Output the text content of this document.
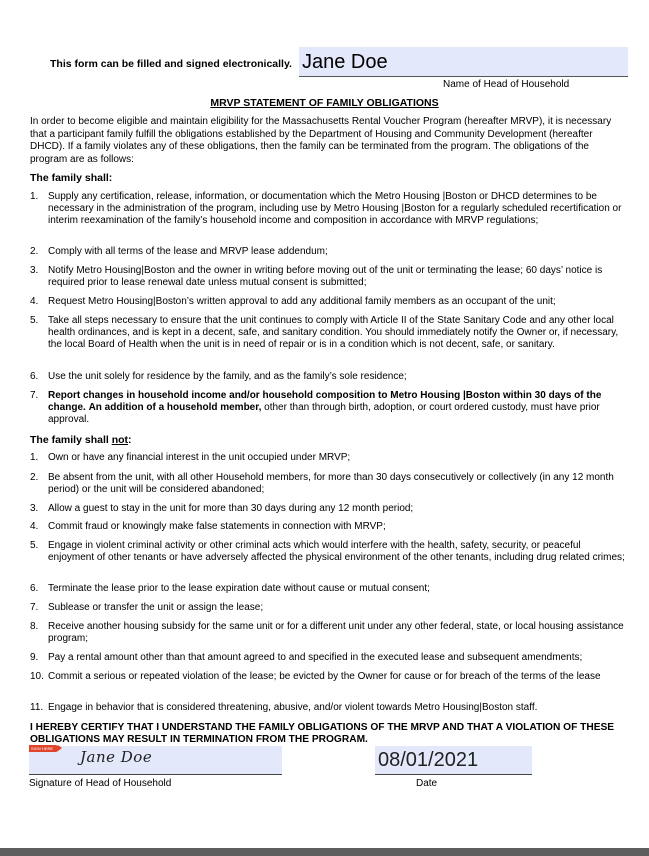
This form can be filled and signed electronically.
Jane Doe
Name of Head of Household
MRVP STATEMENT OF FAMILY OBLIGATIONS
In order to become eligible and maintain eligibility for the Massachusetts Rental Voucher Program (hereafter MRVP), it is necessary that a participant family fulfill the obligations established by the Department of Housing and Community Development (hereafter DHCD). If a family violates any of these obligations, then the family can be terminated from the program. The obligations of the program are as follows:
The family shall:
1. Supply any certification, release, information, or documentation which the Metro Housing |Boston or DHCD determines to be necessary in the administration of the program, including use by Metro Housing |Boston for a regularly scheduled recertification or interim reexamination of the family’s household income and composition in accordance with MRVP regulations;
2. Comply with all terms of the lease and MRVP lease addendum;
3. Notify Metro Housing|Boston and the owner in writing before moving out of the unit or terminating the lease; 60 days’ notice is required prior to lease renewal date unless mutual consent is submitted;
4. Request Metro Housing|Boston’s written approval to add any additional family members as an occupant of the unit;
5. Take all steps necessary to ensure that the unit continues to comply with Article II of the State Sanitary Code and any other local health ordinances, and is kept in a decent, safe, and sanitary condition. You should immediately notify the Owner or, if necessary, the local Board of Health when the unit is in need of repair or is in a condition which is not decent, safe, or sanitary.
6. Use the unit solely for residence by the family, and as the family’s sole residence;
7. Report changes in household income and/or household composition to Metro Housing |Boston within 30 days of the change. An addition of a household member, other than through birth, adoption, or court ordered custody, must have prior approval.
The family shall not:
1. Own or have any financial interest in the unit occupied under MRVP;
2. Be absent from the unit, with all other Household members, for more than 30 days consecutively or collectively (in any 12 month period) or the unit will be considered abandoned;
3. Allow a guest to stay in the unit for more than 30 days during any 12 month period;
4. Commit fraud or knowingly make false statements in connection with MRVP;
5. Engage in violent criminal activity or other criminal acts which would interfere with the health, safety, security, or peaceful enjoyment of other tenants or have adversely affected the physical environment of the other tenants, including drug related crimes;
6. Terminate the lease prior to the lease expiration date without cause or mutual consent;
7. Sublease or transfer the unit or assign the lease;
8. Receive another housing subsidy for the same unit or for a different unit under any other federal, state, or local housing assistance program;
9. Pay a rental amount other than that amount agreed to and specified in the executed lease and subsequent amendments;
10. Commit a serious or repeated violation of the lease; be evicted by the Owner for cause or for breach of the terms of the lease
11. Engage in behavior that is considered threatening, abusive, and/or violent towards Metro Housing|Boston staff.
I HEREBY CERTIFY THAT I UNDERSTAND THE FAMILY OBLIGATIONS OF THE MRVP AND THAT A VIOLATION OF THESE OBLIGATIONS MAY RESULT IN TERMINATION FROM THE PROGRAM.
SIGN HERE	Jane Doe
08/01/2021
Signature of Head of Household	Date
